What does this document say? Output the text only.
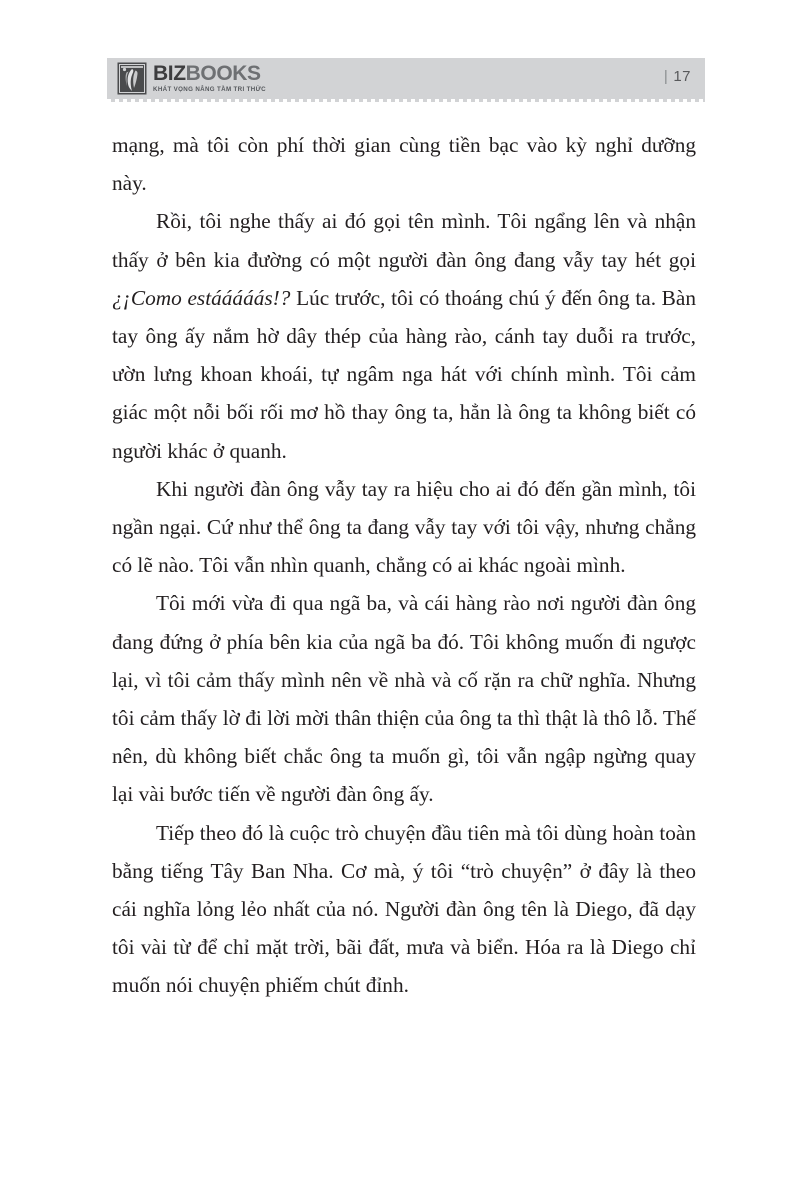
BIZBOOKS
KHÁT VỌNG NÂNG TẦM TRI THỨC
| 17

mạng, mà tôi còn phí thời gian cùng tiền bạc vào kỳ nghỉ dưỡng này.

Rồi, tôi nghe thấy ai đó gọi tên mình. Tôi ngẩng lên và nhận thấy ở bên kia đường có một người đàn ông đang vẫy tay hét gọi ¿¡Como estááááás!? Lúc trước, tôi có thoáng chú ý đến ông ta. Bàn tay ông ấy nắm hờ dây thép của hàng rào, cánh tay duỗi ra trước, ườn lưng khoan khoái, tự ngâm nga hát với chính mình. Tôi cảm giác một nỗi bối rối mơ hồ thay ông ta, hẳn là ông ta không biết có người khác ở quanh.

Khi người đàn ông vẫy tay ra hiệu cho ai đó đến gần mình, tôi ngần ngại. Cứ như thể ông ta đang vẫy tay với tôi vậy, nhưng chẳng có lẽ nào. Tôi vẫn nhìn quanh, chẳng có ai khác ngoài mình.

Tôi mới vừa đi qua ngã ba, và cái hàng rào nơi người đàn ông đang đứng ở phía bên kia của ngã ba đó. Tôi không muốn đi ngược lại, vì tôi cảm thấy mình nên về nhà và cố rặn ra chữ nghĩa. Nhưng tôi cảm thấy lờ đi lời mời thân thiện của ông ta thì thật là thô lỗ. Thế nên, dù không biết chắc ông ta muốn gì, tôi vẫn ngập ngừng quay lại vài bước tiến về người đàn ông ấy.

Tiếp theo đó là cuộc trò chuyện đầu tiên mà tôi dùng hoàn toàn bằng tiếng Tây Ban Nha. Cơ mà, ý tôi “trò chuyện” ở đây là theo cái nghĩa lỏng lẻo nhất của nó. Người đàn ông tên là Diego, đã dạy tôi vài từ để chỉ mặt trời, bãi đất, mưa và biển. Hóa ra là Diego chỉ muốn nói chuyện phiếm chút đỉnh.
